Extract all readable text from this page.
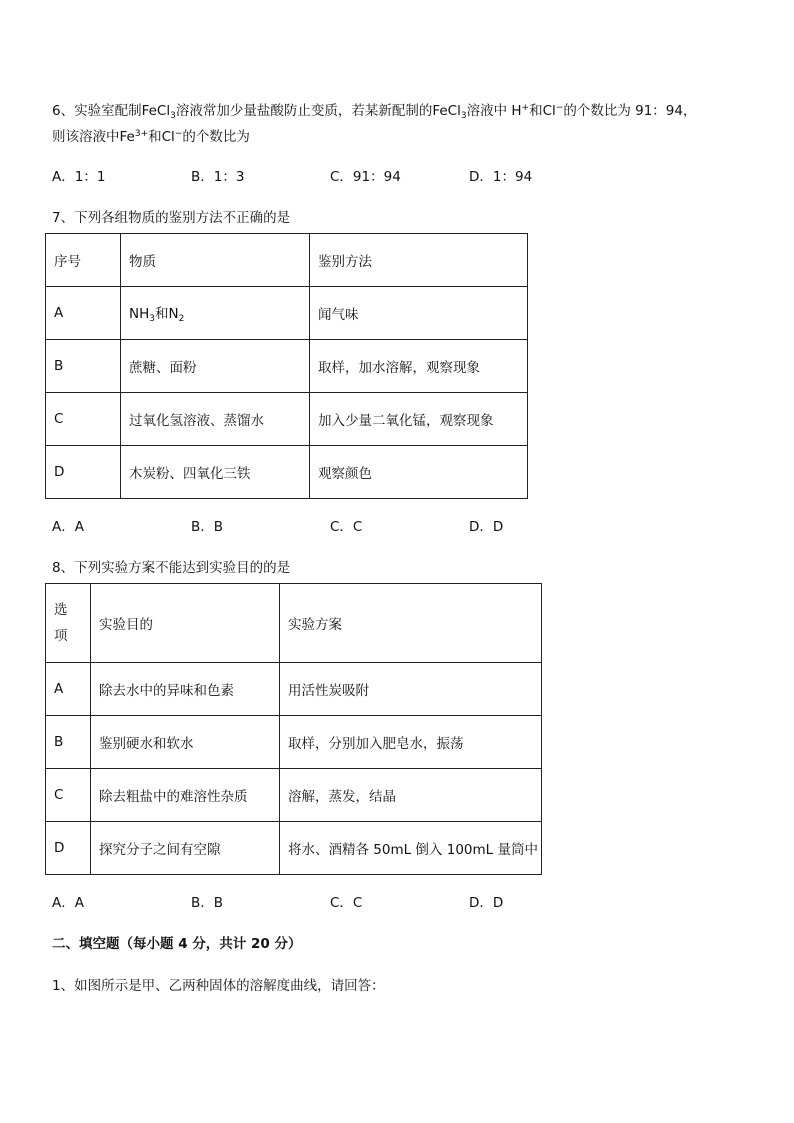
6、实验室配制FeCl$_3$溶液常加少量盐酸防止变质，若某新配制的FeCl$_3$溶液中 H+和Cl−的个数比为 91：94，
则该溶液中$Fe^{3+}$和Cl−的个数比为
A．1：1	B．1：3	C．91：94	D．1：94
7、下列各组物质的鉴别方法不正确的是
序号	物质	鉴别方法
A	$NH_3$和$N_2$	闻气味
B	蔗糖、面粉	取样，加水溶解，观察现象
C	过氧化氢溶液、蒸馏水	加入少量二氧化锰，观察现象
D	木炭粉、四氧化三铁	观察颜色
A．A	B．B	C．C	D．D
8、下列实验方案不能达到实验目的的是
选
项	实验目的	实验方案
A	除去水中的异味和色素	用活性炭吸附
B	鉴别硬水和软水	取样，分别加入肥皂水，振荡
C	除去粗盐中的难溶性杂质	溶解，蒸发，结晶
D	探究分子之间有空隙	将水、酒精各 50mL 倒入 100mL 量筒中
A．A	B．B	C．C	D．D
二、填空题（每小题 4 分，共计 20 分）
1、如图所示是甲、乙两种固体的溶解度曲线，请回答：
